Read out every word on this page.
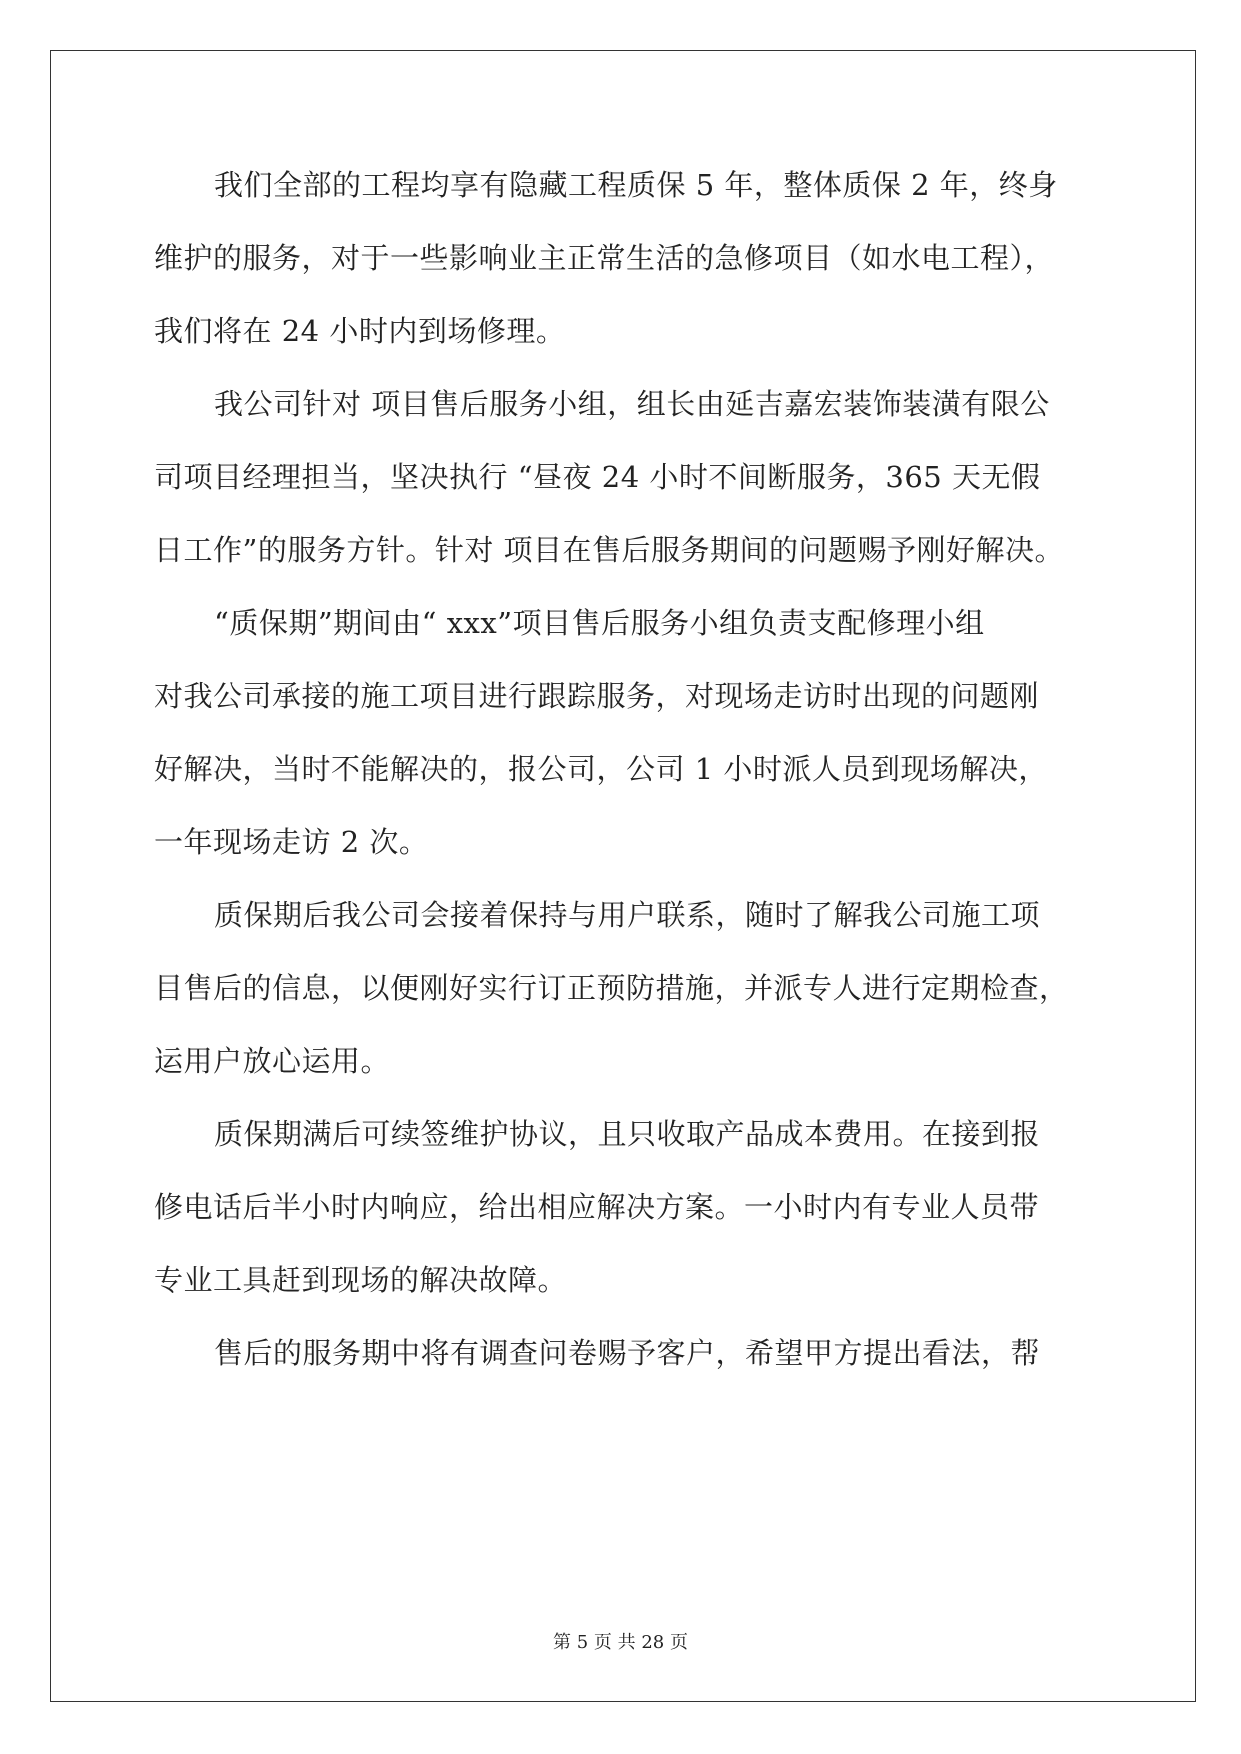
我们全部的工程均享有隐藏工程质保 5 年，整体质保 2 年，终身
维护的服务，对于一些影响业主正常生活的急修项目（如水电工程），
我们将在 24 小时内到场修理。
我公司针对 项目售后服务小组，组长由延吉嘉宏装饰装潢有限公
司项目经理担当，坚决执行 “昼夜 24 小时不间断服务，365 天无假
日工作”的服务方针。针对 项目在售后服务期间的问题赐予刚好解决。
“质保期”期间由“ xxx”项目售后服务小组负责支配修理小组
对我公司承接的施工项目进行跟踪服务，对现场走访时出现的问题刚
好解决，当时不能解决的，报公司，公司 1 小时派人员到现场解决，
一年现场走访 2 次。
质保期后我公司会接着保持与用户联系，随时了解我公司施工项
目售后的信息，以便刚好实行订正预防措施，并派专人进行定期检查，
运用户放心运用。
质保期满后可续签维护协议，且只收取产品成本费用。在接到报
修电话后半小时内响应，给出相应解决方案。一小时内有专业人员带
专业工具赶到现场的解决故障。
售后的服务期中将有调查问卷赐予客户，希望甲方提出看法，帮
第 5 页 共 28 页
